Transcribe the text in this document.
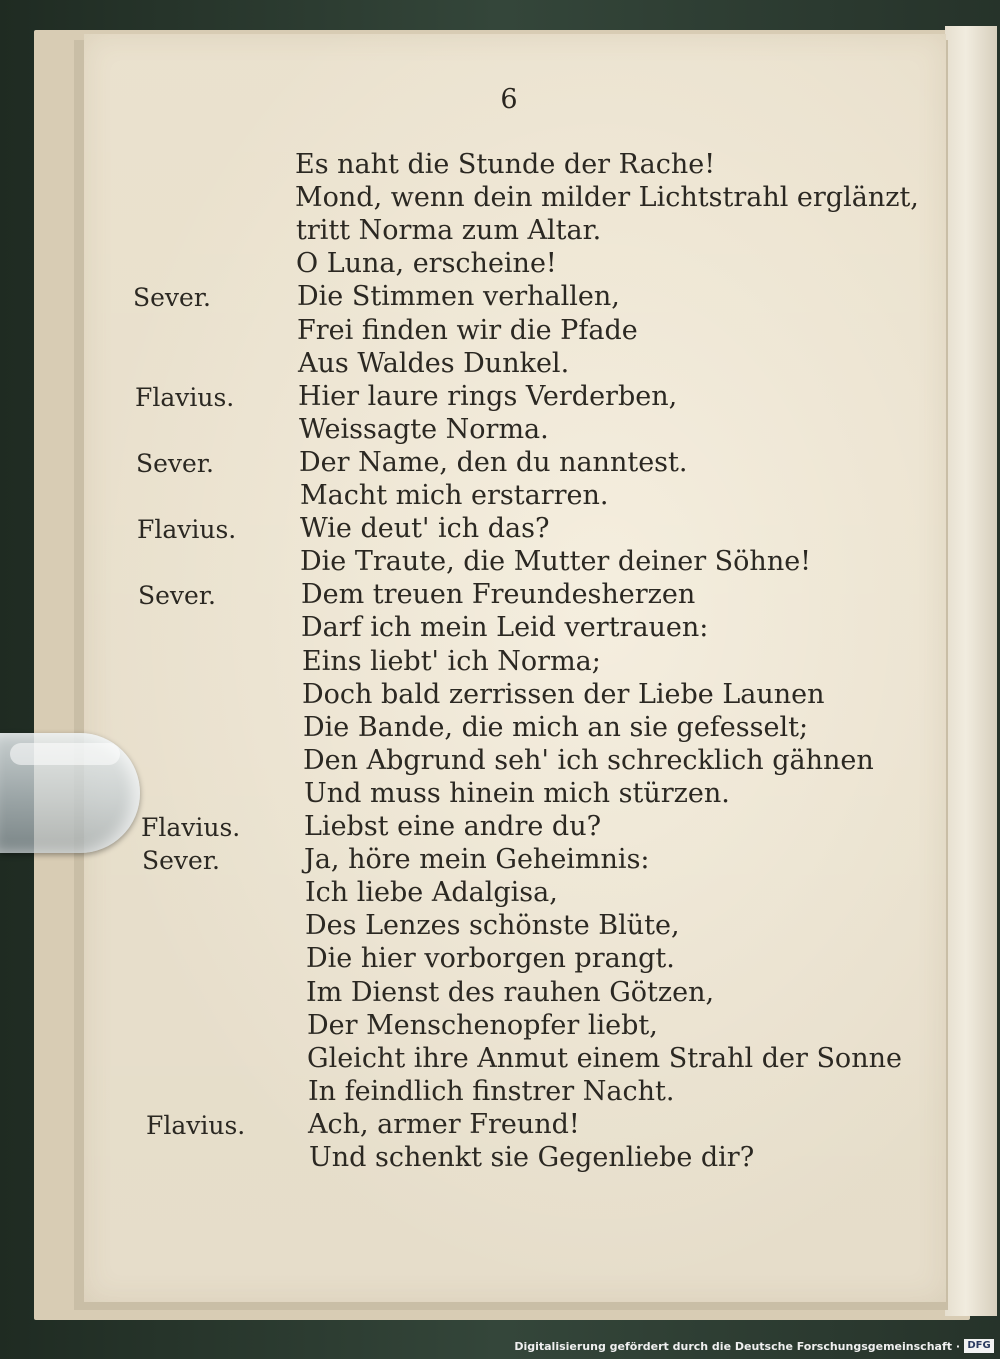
6
Es naht die Stunde der Rache!
Mond, wenn dein milder Lichtstrahl erglänzt,
tritt Norma zum Altar.
O Luna, erscheine!
Die Stimmen verhallen,
Frei finden wir die Pfade
Aus Waldes Dunkel.
Hier laure rings Verderben,
Weissagte Norma.
Der Name, den du nanntest.
Macht mich erstarren.
Wie deut' ich das?
Die Traute, die Mutter deiner Söhne!
Dem treuen Freundesherzen
Darf ich mein Leid vertrauen:
Eins liebt' ich Norma;
Doch bald zerrissen der Liebe Launen
Die Bande, die mich an sie gefesselt;
Den Abgrund seh' ich schrecklich gähnen
Und muss hinein mich stürzen.
Liebst eine andre du?
Ja, höre mein Geheimnis:
Ich liebe Adalgisa,
Des Lenzes schönste Blüte,
Die hier vorborgen prangt.
Im Dienst des rauhen Götzen,
Der Menschenopfer liebt,
Gleicht ihre Anmut einem Strahl der Sonne
In feindlich finstrer Nacht.
Ach, armer Freund!
Und schenkt sie Gegenliebe dir?
Sever.
Flavius.
Sever.
Flavius.
Sever.
Flavius.
Sever.
Flavius.
Digitalisierung gefördert durch die Deutsche Forschungsgemeinschaft · DFG
